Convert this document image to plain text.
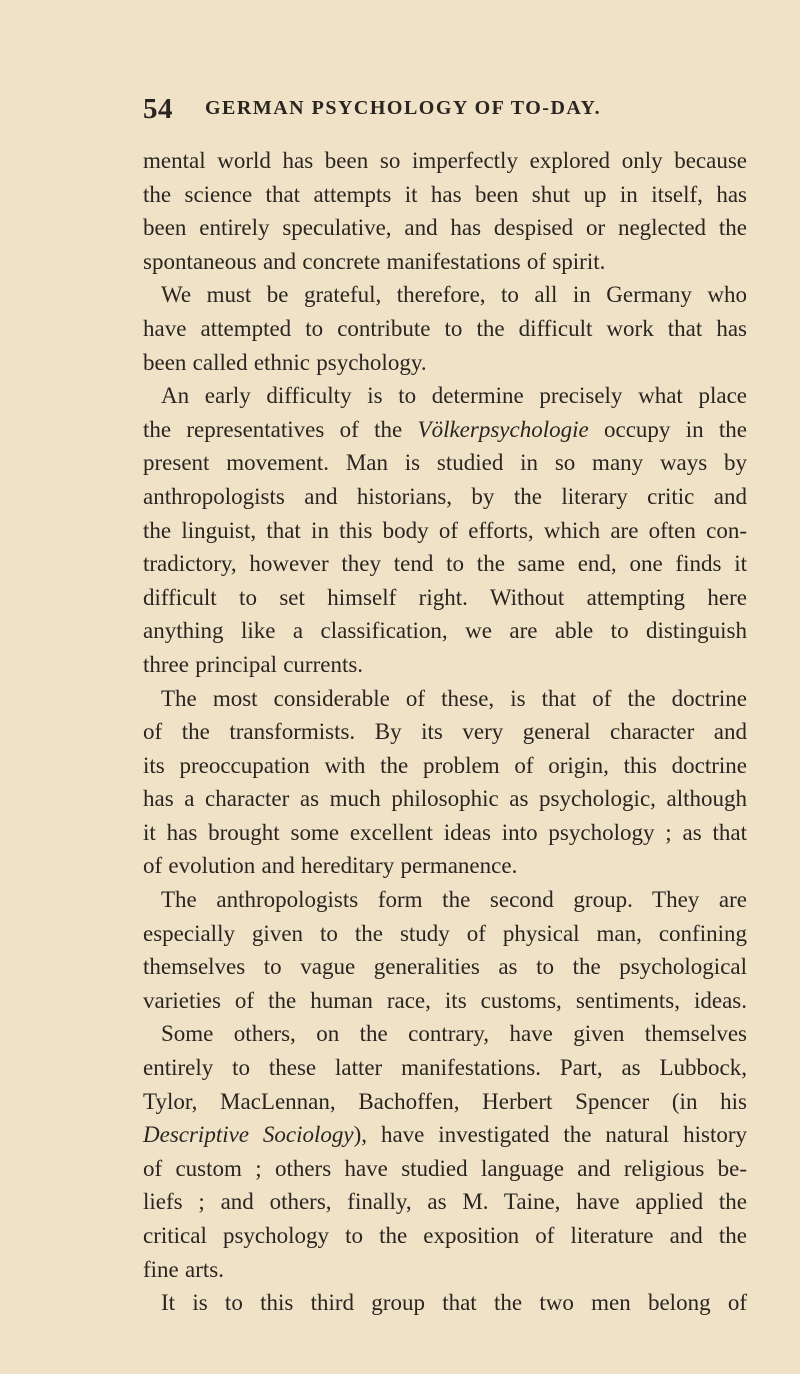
54 GERMAN PSYCHOLOGY OF TO-DAY.
mental world has been so imperfectly explored only because
the science that attempts it has been shut up in itself, has
been entirely speculative, and has despised or neglected the
spontaneous and concrete manifestations of spirit.
We must be grateful, therefore, to all in Germany who
have attempted to contribute to the difficult work that has
been called ethnic psychology.
An early difficulty is to determine precisely what place
the representatives of the Völkerpsychologie occupy in the
present movement. Man is studied in so many ways by
anthropologists and historians, by the literary critic and
the linguist, that in this body of efforts, which are often con-
tradictory, however they tend to the same end, one finds it
difficult to set himself right. Without attempting here
anything like a classification, we are able to distinguish
three principal currents.
The most considerable of these, is that of the doctrine
of the transformists. By its very general character and
its preoccupation with the problem of origin, this doctrine
has a character as much philosophic as psychologic, although
it has brought some excellent ideas into psychology ; as that
of evolution and hereditary permanence.
The anthropologists form the second group. They are
especially given to the study of physical man, confining
themselves to vague generalities as to the psychological
varieties of the human race, its customs, sentiments, ideas.
Some others, on the contrary, have given themselves
entirely to these latter manifestations. Part, as Lubbock,
Tylor, MacLennan, Bachoffen, Herbert Spencer (in his
Descriptive Sociology), have investigated the natural history
of custom ; others have studied language and religious be-
liefs ; and others, finally, as M. Taine, have applied the
critical psychology to the exposition of literature and the
fine arts.
It is to this third group that the two men belong of
